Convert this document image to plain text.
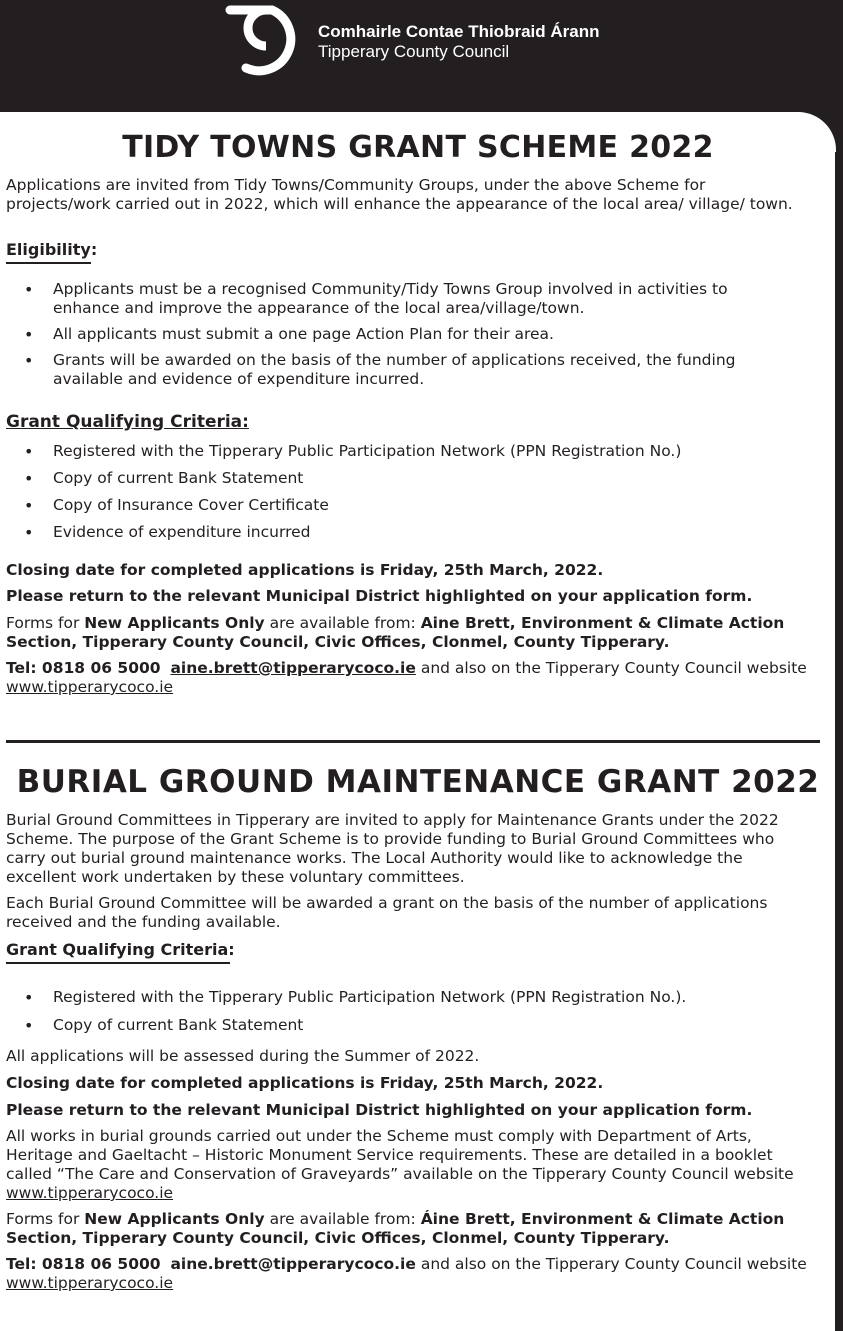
Comhairle Contae Thiobraid Árann
Tipperary County Council
TIDY TOWNS GRANT SCHEME 2022
Applications are invited from Tidy Towns/Community Groups, under the above Scheme for projects/work carried out in 2022, which will enhance the appearance of the local area/ village/ town.
Eligibility:
• Applicants must be a recognised Community/Tidy Towns Group involved in activities to enhance and improve the appearance of the local area/village/town.
• All applicants must submit a one page Action Plan for their area.
• Grants will be awarded on the basis of the number of applications received, the funding available and evidence of expenditure incurred.
Grant Qualifying Criteria:
• Registered with the Tipperary Public Participation Network (PPN Registration No.)
• Copy of current Bank Statement
• Copy of Insurance Cover Certificate
• Evidence of expenditure incurred
Closing date for completed applications is Friday, 25th March, 2022.
Please return to the relevant Municipal District highlighted on your application form.
Forms for New Applicants Only are available from: Aine Brett, Environment & Climate Action Section, Tipperary County Council, Civic Offices, Clonmel, County Tipperary.
Tel: 0818 06 5000 aine.brett@tipperarycoco.ie and also on the Tipperary County Council website www.tipperarycoco.ie
BURIAL GROUND MAINTENANCE GRANT 2022
Burial Ground Committees in Tipperary are invited to apply for Maintenance Grants under the 2022 Scheme. The purpose of the Grant Scheme is to provide funding to Burial Ground Committees who carry out burial ground maintenance works. The Local Authority would like to acknowledge the excellent work undertaken by these voluntary committees.
Each Burial Ground Committee will be awarded a grant on the basis of the number of applications received and the funding available.
Grant Qualifying Criteria:
• Registered with the Tipperary Public Participation Network (PPN Registration No.).
• Copy of current Bank Statement
All applications will be assessed during the Summer of 2022.
Closing date for completed applications is Friday, 25th March, 2022.
Please return to the relevant Municipal District highlighted on your application form.
All works in burial grounds carried out under the Scheme must comply with Department of Arts, Heritage and Gaeltacht – Historic Monument Service requirements. These are detailed in a booklet called “The Care and Conservation of Graveyards” available on the Tipperary County Council website www.tipperarycoco.ie
Forms for New Applicants Only are available from: Áine Brett, Environment & Climate Action Section, Tipperary County Council, Civic Offices, Clonmel, County Tipperary.
Tel: 0818 06 5000 aine.brett@tipperarycoco.ie and also on the Tipperary County Council website www.tipperarycoco.ie
